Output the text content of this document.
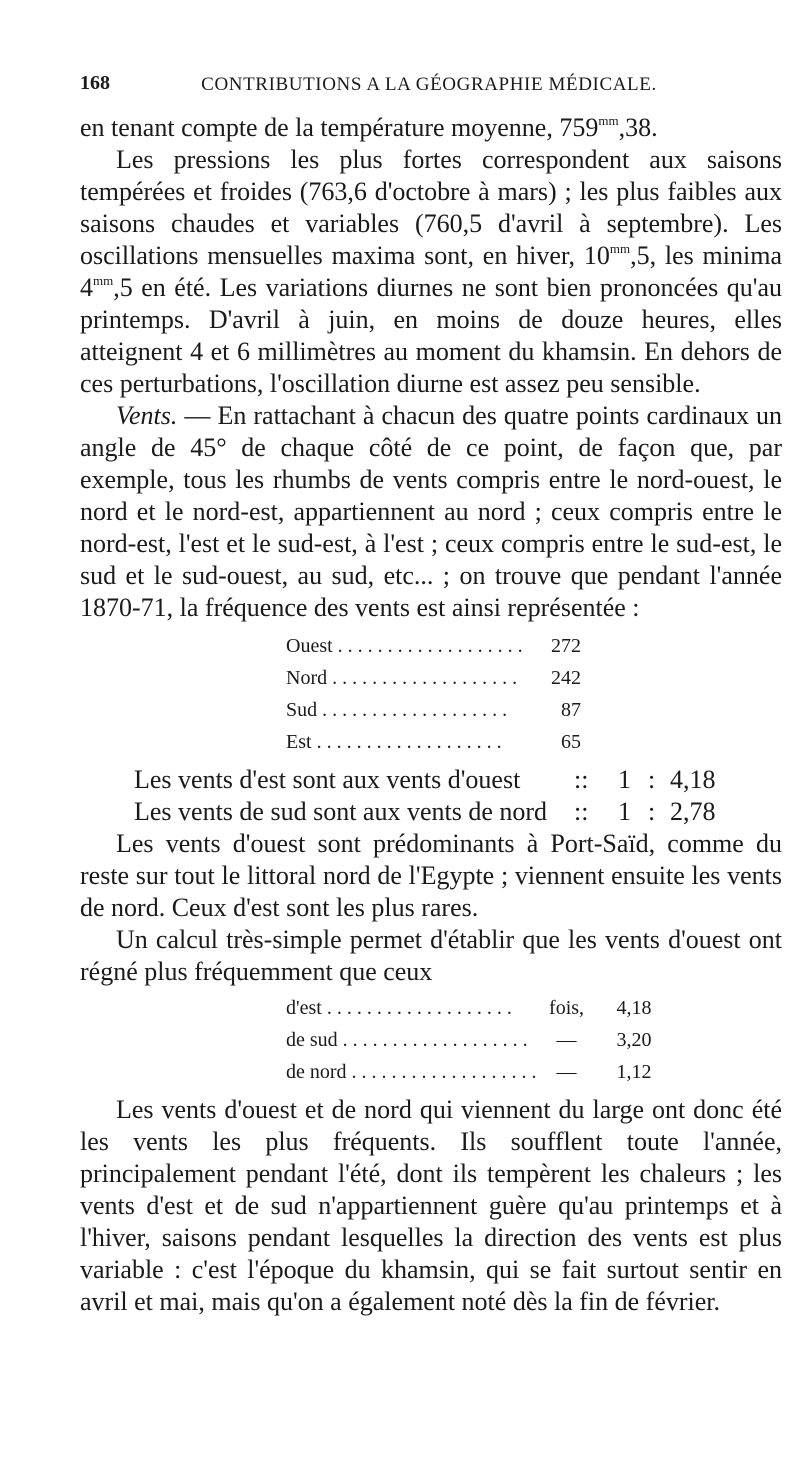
168	CONTRIBUTIONS A LA GÉOGRAPHIE MÉDICALE.

en tenant compte de la température moyenne, $759^{mm},38$.

Les pressions les plus fortes correspondent aux saisons tempérées et froides (763,6 d'octobre à mars) ; les plus faibles aux saisons chaudes et variables (760,5 d'avril à septembre). Les oscillations mensuelles maxima sont, en hiver, $10^{mm},5$, les minima $4^{mm},5$ en été. Les variations diurnes ne sont bien prononcées qu'au printemps. D'avril à juin, en moins de douze heures, elles atteignent 4 et 6 millimètres au moment du khamsin. En dehors de ces perturbations, l'oscillation diurne est assez peu sensible.

Vents. — En rattachant à chacun des quatre points cardinaux un angle de 45° de chaque côté de ce point, de façon que, par exemple, tous les rhumbs de vents compris entre le nord-ouest, le nord et le nord-est, appartiennent au nord ; ceux compris entre le nord-est, l'est et le sud-est, à l'est ; ceux compris entre le sud-est, le sud et le sud-ouest, au sud, etc... ; on trouve que pendant l'année 1870-71, la fréquence des vents est ainsi représentée :

Ouest . . .	272
Nord . . .	242
Sud . . .	87
Est . . .	65
Les vents d'est sont aux vents d'ouest	::	1 : 4,18
Les vents de sud sont aux vents de nord	::	1 : 2,78

Les vents d'ouest sont prédominants à Port-Saïd, comme du reste sur tout le littoral nord de l'Egypte ; viennent ensuite les vents de nord. Ceux d'est sont les plus rares.

Un calcul très-simple permet d'établir que les vents d'ouest ont régné plus fréquemment que ceux

d'est . . .	fois,	4,18
de sud . . .	—	3,20
de nord . . .	—	1,12

Les vents d'ouest et de nord qui viennent du large ont donc été les vents les plus fréquents. Ils soufflent toute l'année, principalement pendant l'été, dont ils tempèrent les chaleurs ; les vents d'est et de sud n'appartiennent guère qu'au printemps et à l'hiver, saisons pendant lesquelles la direction des vents est plus variable : c'est l'époque du khamsin, qui se fait surtout sentir en avril et mai, mais qu'on a également noté dès la fin de février.
